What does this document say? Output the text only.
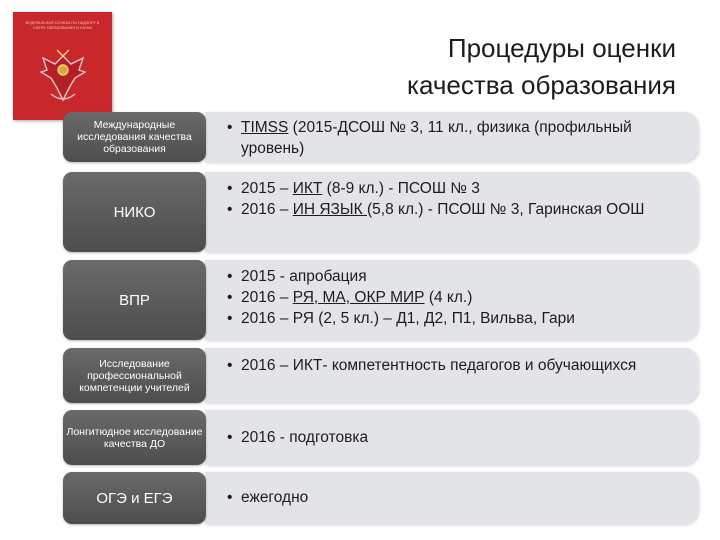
ФЕДЕРАЛЬНАЯ СЛУЖБА ПО НАДЗОРУ В СФЕРЕ ОБРАЗОВАНИЯ И НАУКИ
Процедуры оценки
качества образования
• TIMSS (2015-ДСОШ № 3, 11 кл., физика (профильный уровень)
Международные исследования качества образования
• 2015 – ИКТ (8-9 кл.) - ПСОШ № 3
• 2016 – ИН ЯЗЫК (5,8 кл.) - ПСОШ № 3, Гаринская ООШ
НИКО
• 2015 - апробация
• 2016 – РЯ, МА, ОКР МИР (4 кл.)
• 2016 – РЯ (2, 5 кл.) – Д1, Д2, П1, Вильва, Гари
ВПР
• 2016 – ИКТ- компетентность педагогов и обучающихся
Исследование профессиональной компетенции учителей
• 2016 - подготовка
Лонгитюдное исследование качества ДО
• ежегодно
ОГЭ и ЕГЭ
